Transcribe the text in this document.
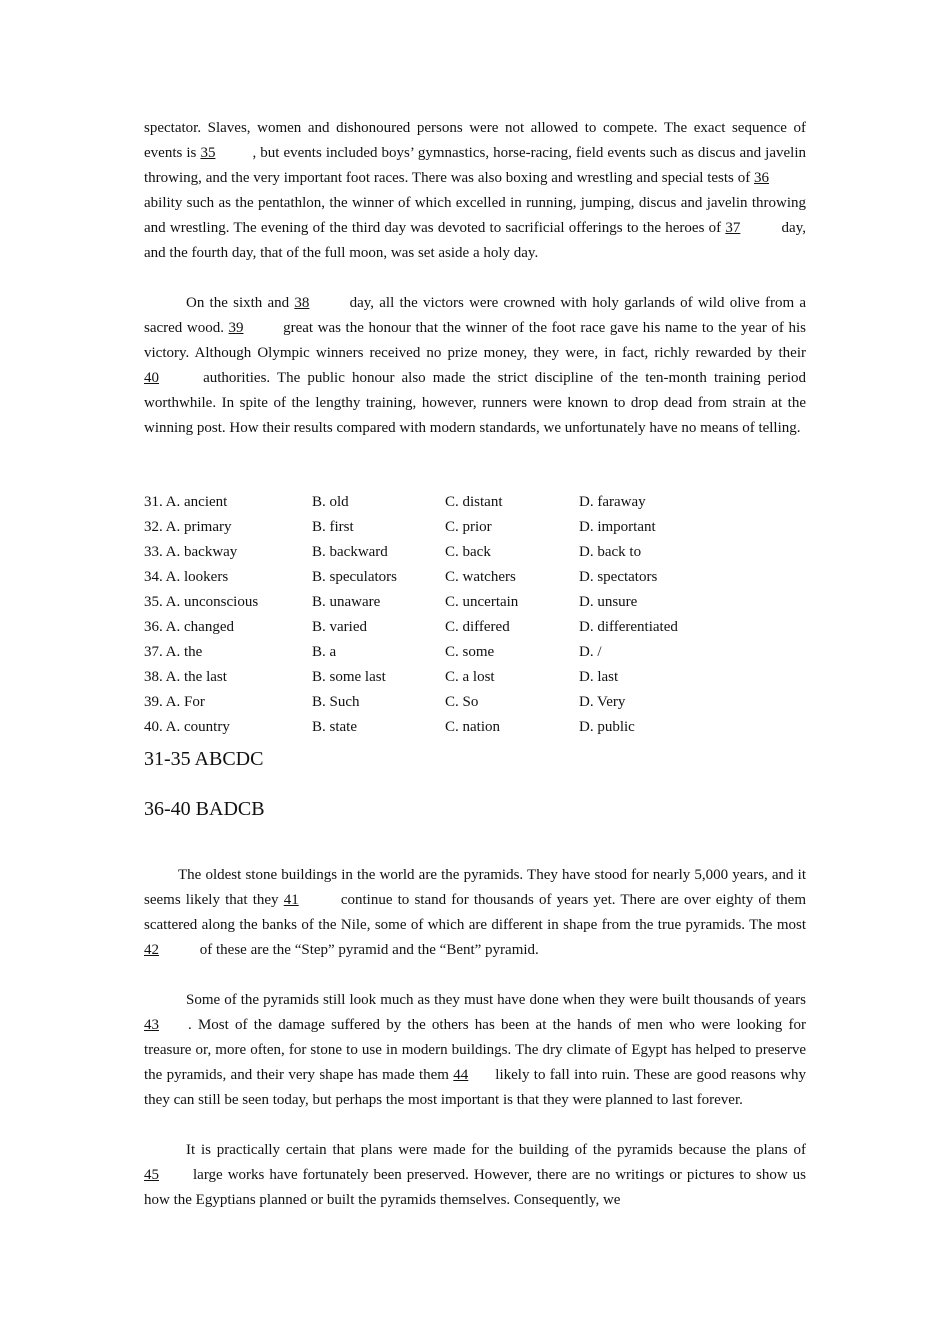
spectator. Slaves, women and dishonoured persons were not allowed to compete. The exact sequence of events is 35 , but events included boys’ gymnastics, horse-racing, field events such as discus and javelin throwing, and the very important foot races. There was also boxing and wrestling and special tests of 36 ability such as the pentathlon, the winner of which excelled in running, jumping, discus and javelin throwing and wrestling. The evening of the third day was devoted to sacrificial offerings to the heroes of 37 day, and the fourth day, that of the full moon, was set aside a holy day.

On the sixth and 38 day, all the victors were crowned with holy garlands of wild olive from a sacred wood. 39 great was the honour that the winner of the foot race gave his name to the year of his victory. Although Olympic winners received no prize money, they were, in fact, richly rewarded by their 40 authorities. The public honour also made the strict discipline of the ten-month training period worthwhile. In spite of the lengthy training, however, runners were known to drop dead from strain at the winning post. How their results compared with modern standards, we unfortunately have no means of telling.

31. A. ancient	B. old	C. distant	D. faraway
32. A. primary	B. first	C. prior	D. important
33. A. backway	B. backward	C. back	D. back to
34. A. lookers	B. speculators	C. watchers	D. spectators
35. A. unconscious	B. unaware	C. uncertain	D. unsure
36. A. changed	B. varied	C. differed	D. differentiated
37. A. the	B. a	C. some	D. /
38. A. the last	B. some last	C. a lost	D. last
39. A. For	B. Such	C. So	D. Very
40. A. country	B. state	C. nation	D. public

31-35 ABCDC

36-40 BADCB

The oldest stone buildings in the world are the pyramids. They have stood for nearly 5,000 years, and it seems likely that they 41 continue to stand for thousands of years yet. There are over eighty of them scattered along the banks of the Nile, some of which are different in shape from the true pyramids. The most 42 of these are the “Step” pyramid and the “Bent” pyramid.

Some of the pyramids still look much as they must have done when they were built thousands of years 43 . Most of the damage suffered by the others has been at the hands of men who were looking for treasure or, more often, for stone to use in modern buildings. The dry climate of Egypt has helped to preserve the pyramids, and their very shape has made them 44 likely to fall into ruin. These are good reasons why they can still be seen today, but perhaps the most important is that they were planned to last forever.

It is practically certain that plans were made for the building of the pyramids because the plans of 45 large works have fortunately been preserved. However, there are no writings or pictures to show us how the Egyptians planned or built the pyramids themselves. Consequently, we
